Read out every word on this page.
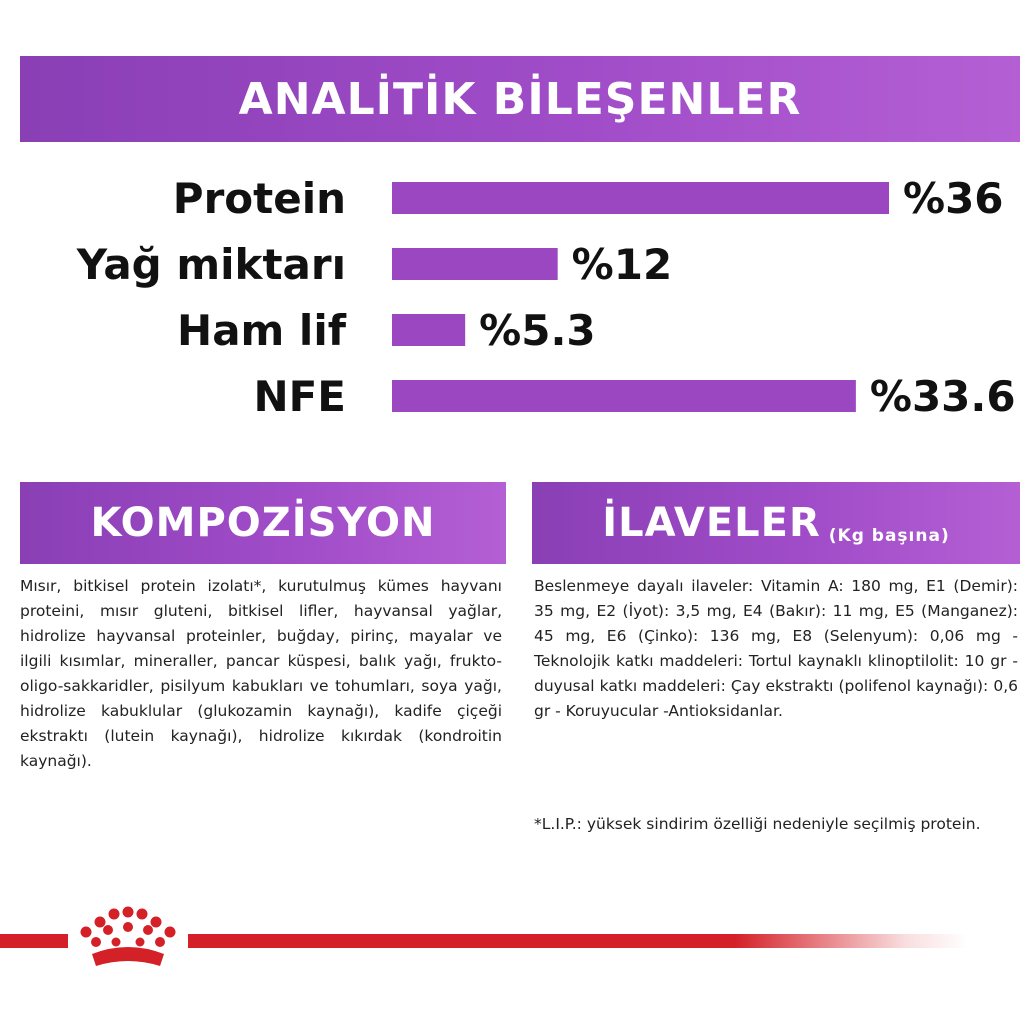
ANALİTİK BİLEŞENLER
Protein	%36
Yağ miktarı	%12
Ham lif	%5.3
NFE	%33.6
KOMPOZİSYON

Mısır, bitkisel protein izolatı*, kurutulmuş kümes hayvanı proteini, mısır gluteni, bitkisel lifler, hayvansal yağlar, hidrolize hayvansal proteinler, buğday, pirinç, mayalar ve ilgili kısımlar, mineraller, pancar küspesi, balık yağı, frukto-oligo-sakkaridler, pisilyum kabukları ve tohumları, soya yağı, hidrolize kabuklular (glukozamin kaynağı), kadife çiçeği ekstraktı (lutein kaynağı), hidrolize kıkırdak (kondroitin kaynağı).

İLAVELER (Kg başına)

Beslenmeye dayalı ilaveler: Vitamin A: 180 mg, E1 (Demir): 35 mg, E2 (İyot): 3,5 mg, E4 (Bakır): 11 mg, E5 (Manganez): 45 mg, E6 (Çinko): 136 mg, E8 (Selenyum): 0,06 mg - Teknolojik katkı maddeleri: Tortul kaynaklı klinoptilolit: 10 gr - duyusal katkı maddeleri: Çay ekstraktı (polifenol kaynağı): 0,6 gr - Koruyucular -Antioksidanlar.

*L.I.P.: yüksek sindirim özelliği nedeniyle seçilmiş protein.
